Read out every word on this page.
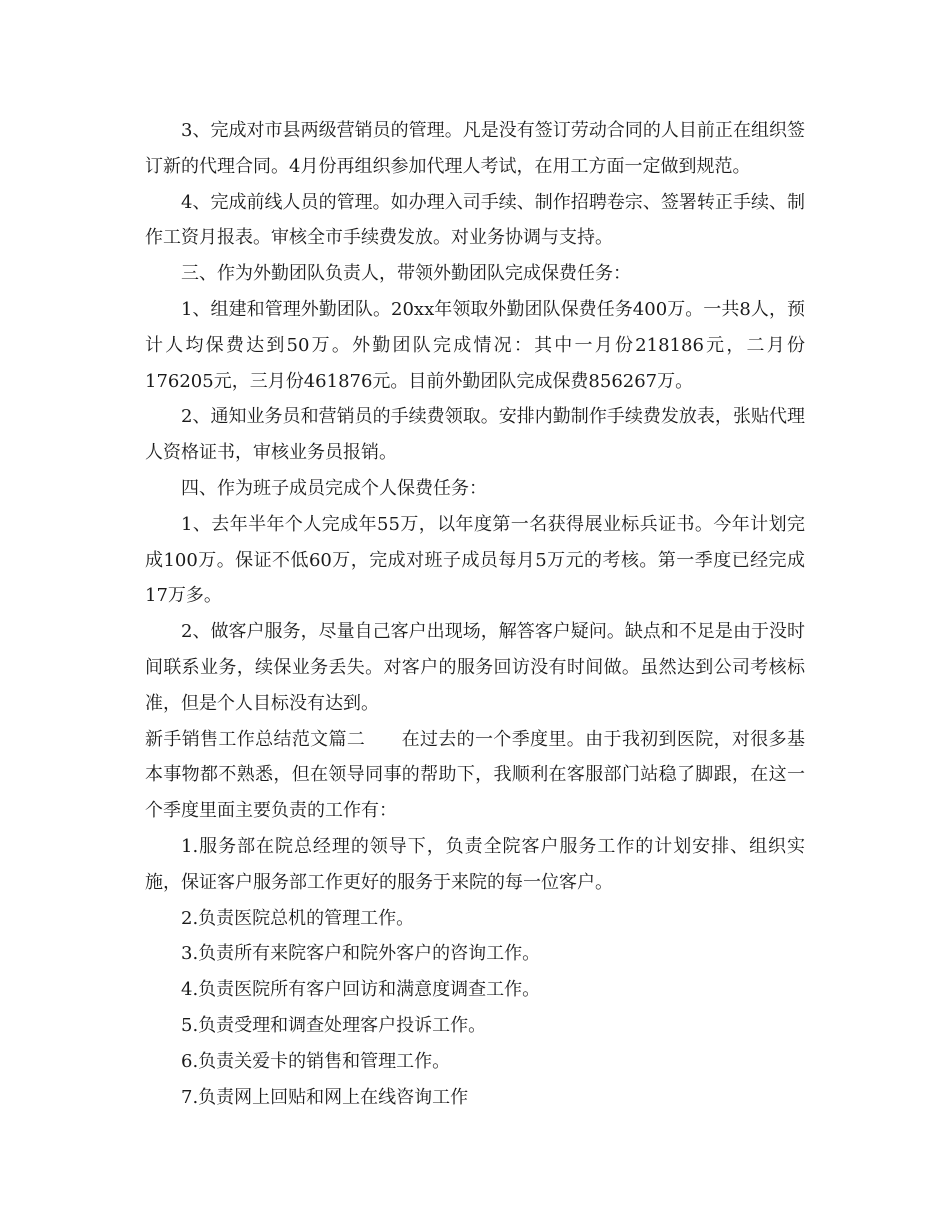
3、完成对市县两级营销员的管理。凡是没有签订劳动合同的人目前正在组织签订新的代理合同。4月份再组织参加代理人考试，在用工方面一定做到规范。

4、完成前线人员的管理。如办理入司手续、制作招聘卷宗、签署转正手续、制作工资月报表。审核全市手续费发放。对业务协调与支持。

三、作为外勤团队负责人，带领外勤团队完成保费任务：

1、组建和管理外勤团队。20xx年领取外勤团队保费任务400万。一共8人，预计人均保费达到50万。外勤团队完成情况：其中一月份218186元，二月份176205元，三月份461876元。目前外勤团队完成保费856267万。

2、通知业务员和营销员的手续费领取。安排内勤制作手续费发放表，张贴代理人资格证书，审核业务员报销。

四、作为班子成员完成个人保费任务：

1、去年半年个人完成年55万，以年度第一名获得展业标兵证书。今年计划完成100万。保证不低60万，完成对班子成员每月5万元的考核。第一季度已经完成17万多。

2、做客户服务，尽量自己客户出现场，解答客户疑问。缺点和不足是由于没时间联系业务，续保业务丢失。对客户的服务回访没有时间做。虽然达到公司考核标准，但是个人目标没有达到。

新手销售工作总结范文篇二 在过去的一个季度里。由于我初到医院，对很多基本事物都不熟悉，但在领导同事的帮助下，我顺利在客服部门站稳了脚跟，在这一个季度里面主要负责的工作有：

1.服务部在院总经理的领导下，负责全院客户服务工作的计划安排、组织实施，保证客户服务部工作更好的服务于来院的每一位客户。

2.负责医院总机的管理工作。

3.负责所有来院客户和院外客户的咨询工作。

4.负责医院所有客户回访和满意度调查工作。

5.负责受理和调查处理客户投诉工作。

6.负责关爱卡的销售和管理工作。

7.负责网上回贴和网上在线咨询工作
